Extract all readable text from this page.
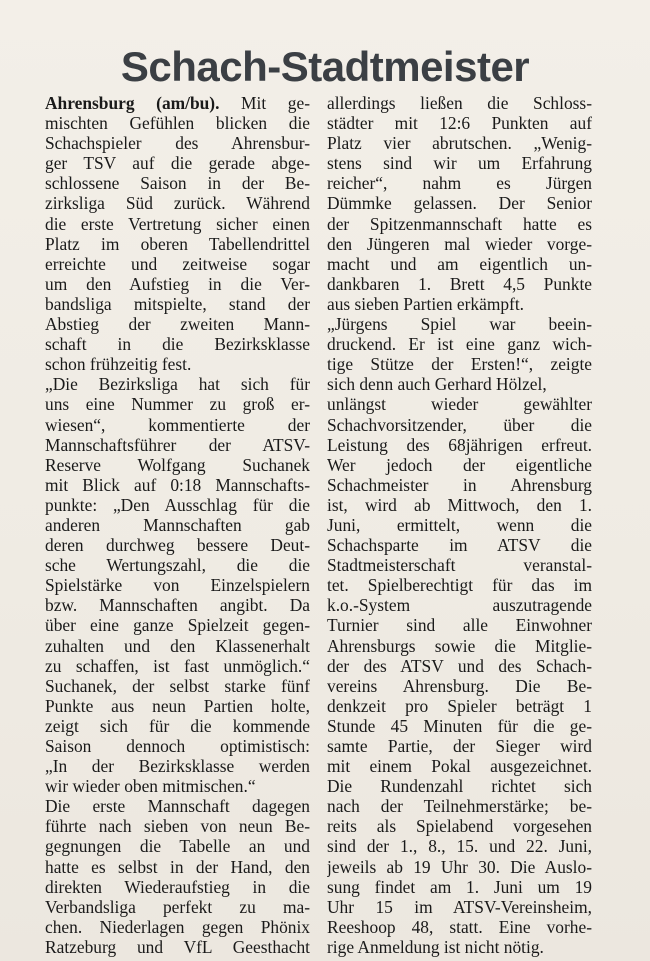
Schach-Stadtmeister
Ahrensburg (am/bu). Mit ge-
mischten Gefühlen blicken die
Schachspieler des Ahrensbur-
ger TSV auf die gerade abge-
schlossene Saison in der Be-
zirksliga Süd zurück. Während
die erste Vertretung sicher einen
Platz im oberen Tabellendrittel
erreichte und zeitweise sogar
um den Aufstieg in die Ver-
bandsliga mitspielte, stand der
Abstieg der zweiten Mann-
schaft in die Bezirksklasse
schon frühzeitig fest.
„Die Bezirksliga hat sich für
uns eine Nummer zu groß er-
wiesen“, kommentierte der
Mannschaftsführer der ATSV-
Reserve Wolfgang Suchanek
mit Blick auf 0:18 Mannschafts-
punkte: „Den Ausschlag für die
anderen Mannschaften gab
deren durchweg bessere Deut-
sche Wertungszahl, die die
Spielstärke von Einzelspielern
bzw. Mannschaften angibt. Da
über eine ganze Spielzeit gegen-
zuhalten und den Klassenerhalt
zu schaffen, ist fast unmöglich.“
Suchanek, der selbst starke fünf
Punkte aus neun Partien holte,
zeigt sich für die kommende
Saison dennoch optimistisch:
„In der Bezirksklasse werden
wir wieder oben mitmischen.“
Die erste Mannschaft dagegen
führte nach sieben von neun Be-
gegnungen die Tabelle an und
hatte es selbst in der Hand, den
direkten Wiederaufstieg in die
Verbandsliga perfekt zu ma-
chen. Niederlagen gegen Phönix
Ratzeburg und VfL Geesthacht
allerdings ließen die Schloss-
städter mit 12:6 Punkten auf
Platz vier abrutschen. „Wenig-
stens sind wir um Erfahrung
reicher“, nahm es Jürgen
Dümmke gelassen. Der Senior
der Spitzenmannschaft hatte es
den Jüngeren mal wieder vorge-
macht und am eigentlich un-
dankbaren 1. Brett 4,5 Punkte
aus sieben Partien erkämpft.
„Jürgens Spiel war beein-
druckend. Er ist eine ganz wich-
tige Stütze der Ersten!“, zeigte
sich denn auch Gerhard Hölzel,
unlängst wieder gewählter
Schachvorsitzender, über die
Leistung des 68jährigen erfreut.
Wer jedoch der eigentliche
Schachmeister in Ahrensburg
ist, wird ab Mittwoch, den 1.
Juni, ermittelt, wenn die
Schachsparte im ATSV die
Stadtmeisterschaft veranstal-
tet. Spielberechtigt für das im
k.o.-System auszutragende
Turnier sind alle Einwohner
Ahrensburgs sowie die Mitglie-
der des ATSV und des Schach-
vereins Ahrensburg. Die Be-
denkzeit pro Spieler beträgt 1
Stunde 45 Minuten für die ge-
samte Partie, der Sieger wird
mit einem Pokal ausgezeichnet.
Die Rundenzahl richtet sich
nach der Teilnehmerstärke; be-
reits als Spielabend vorgesehen
sind der 1., 8., 15. und 22. Juni,
jeweils ab 19 Uhr 30. Die Auslo-
sung findet am 1. Juni um 19
Uhr 15 im ATSV-Vereinsheim,
Reeshoop 48, statt. Eine vorhe-
rige Anmeldung ist nicht nötig.
